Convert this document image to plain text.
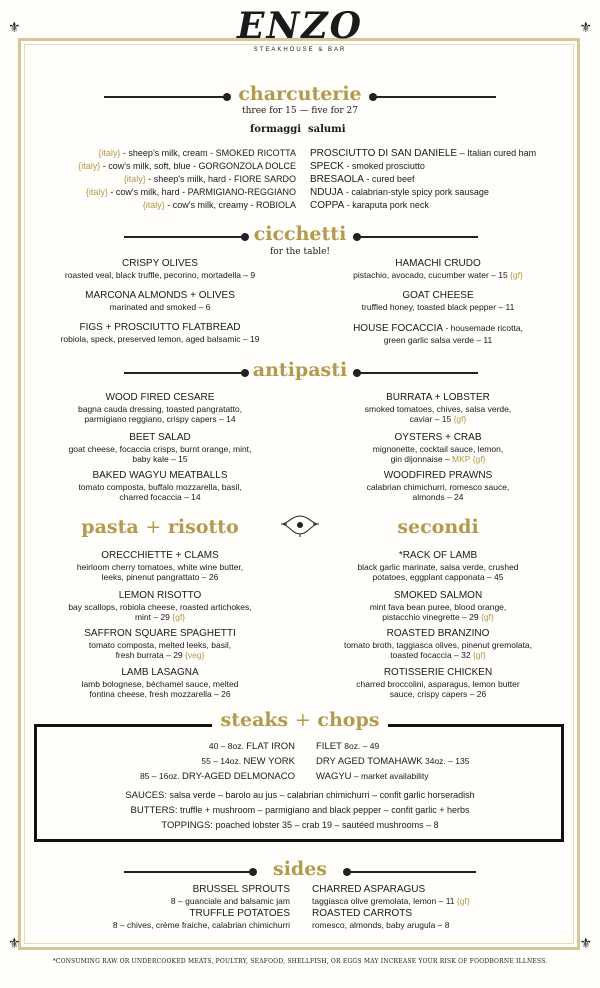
⚜	⚜
⚜	⚜
ENZO
STEAKHOUSE & BAR
charcuterie
three for 15 — five for 27
formaggi salumi
{italy} - sheep's milk, cream - SMOKED RICOTTA
{italy} - cow's milk, soft, blue - GORGONZOLA DOLCE
{italy} - sheep's milk, hard - FIORE SARDO
{italy} - cow's milk, hard - PARMIGIANO-REGGIANO
{italy} - cow's milk, creamy - ROBIOLA
PROSCIUTTO DI SAN DANIELE – Italian cured ham
SPECK - smoked prosciutto
BRESAOLA - cured beef
NDUJA - calabrian-style spicy pork sausage
COPPA - karaputa pork neck
cicchetti
for the table!
CRISPY OLIVES
roasted veal, black truffle, pecorino, mortadella – 9
MARCONA ALMONDS + OLIVES
marinated and smoked – 6
FIGS + PROSCIUTTO FLATBREAD
robiola, speck, preserved lemon, aged balsamic – 19
HAMACHI CRUDO
pistachio, avocado, cucumber water – 15 {gf}
GOAT CHEESE
truffled honey, toasted black pepper – 11
HOUSE FOCACCIA - housemade ricotta,
green garlic salsa verde – 11
antipasti
WOOD FIRED CESARE
bagna cauda dressing, toasted pangratatto,
parmigiano reggiano, crispy capers – 14
BEET SALAD
goat cheese, focaccia crisps, burnt orange, mint,
baby kale – 15
BAKED WAGYU MEATBALLS
tomato composta, buffalo mozzarella, basil,
charred focaccia – 14
BURRATA + LOBSTER
smoked tomatoes, chives, salsa verde,
caviar – 15 {gf}
OYSTERS + CRAB
mignonette, cocktail sauce, lemon,
gin dijonnaise – MKP {gf}
WOODFIRED PRAWNS
calabrian chimichurri, romesco sauce,
almonds – 24
pasta + risotto
ORECCHIETTE + CLAMS
heirloom cherry tomatoes, white wine butter,
leeks, pinenut pangrattato – 26
LEMON RISOTTO
bay scallops, robiola cheese, roasted artichokes,
mint – 29 {gf}
SAFFRON SQUARE SPAGHETTI
tomato composta, melted leeks, basil,
fresh burrata – 29 {veg}
LAMB LASAGNA
lamb bolognese, béchamel sauce, melted
fontina cheese, fresh mozzarella – 26
secondi
*RACK OF LAMB
black garlic marinate, salsa verde, crushed
potatoes, eggplant capponata – 45
SMOKED SALMON
mint fava bean puree, blood orange,
pistacchio vinegrette – 29 {gf}
ROASTED BRANZINO
tomato broth, taggiasca olives, pinenut gremolata,
toasted focaccia – 32 {gf}
ROTISSERIE CHICKEN
charred broccolini, asparagus, lemon butter
sauce, crispy capers – 26
steaks + chops
40 – 8oz. FLAT IRON
55 – 14oz. NEW YORK
85 – 16oz. DRY-AGED DELMONACO
FILET 8oz. – 49
DRY AGED TOMAHAWK 34oz. – 135
WAGYU – market availability
SAUCES: salsa verde – barolo au jus – calabrian chimichurri – confit garlic horseradish
BUTTERS: truffle + mushroom – parmigiano and black pepper – confit garlic + herbs
TOPPINGS: poached lobster 35 – crab 19 – sautéed mushrooms – 8
sides
BRUSSEL SPROUTS
8 – guanciale and balsamic jam
TRUFFLE POTATOES
8 – chives, crème fraiche, calabrian chimichurri
CHARRED ASPARAGUS
taggiasca olive gremolata, lemon – 11 {gf}
ROASTED CARROTS
romesco, almonds, baby arugula – 8
*CONSUMING RAW OR UNDERCOOKED MEATS, POULTRY, SEAFOOD, SHELLFISH, OR EGGS MAY INCREASE YOUR RISK OF FOODBORNE ILLNESS.
